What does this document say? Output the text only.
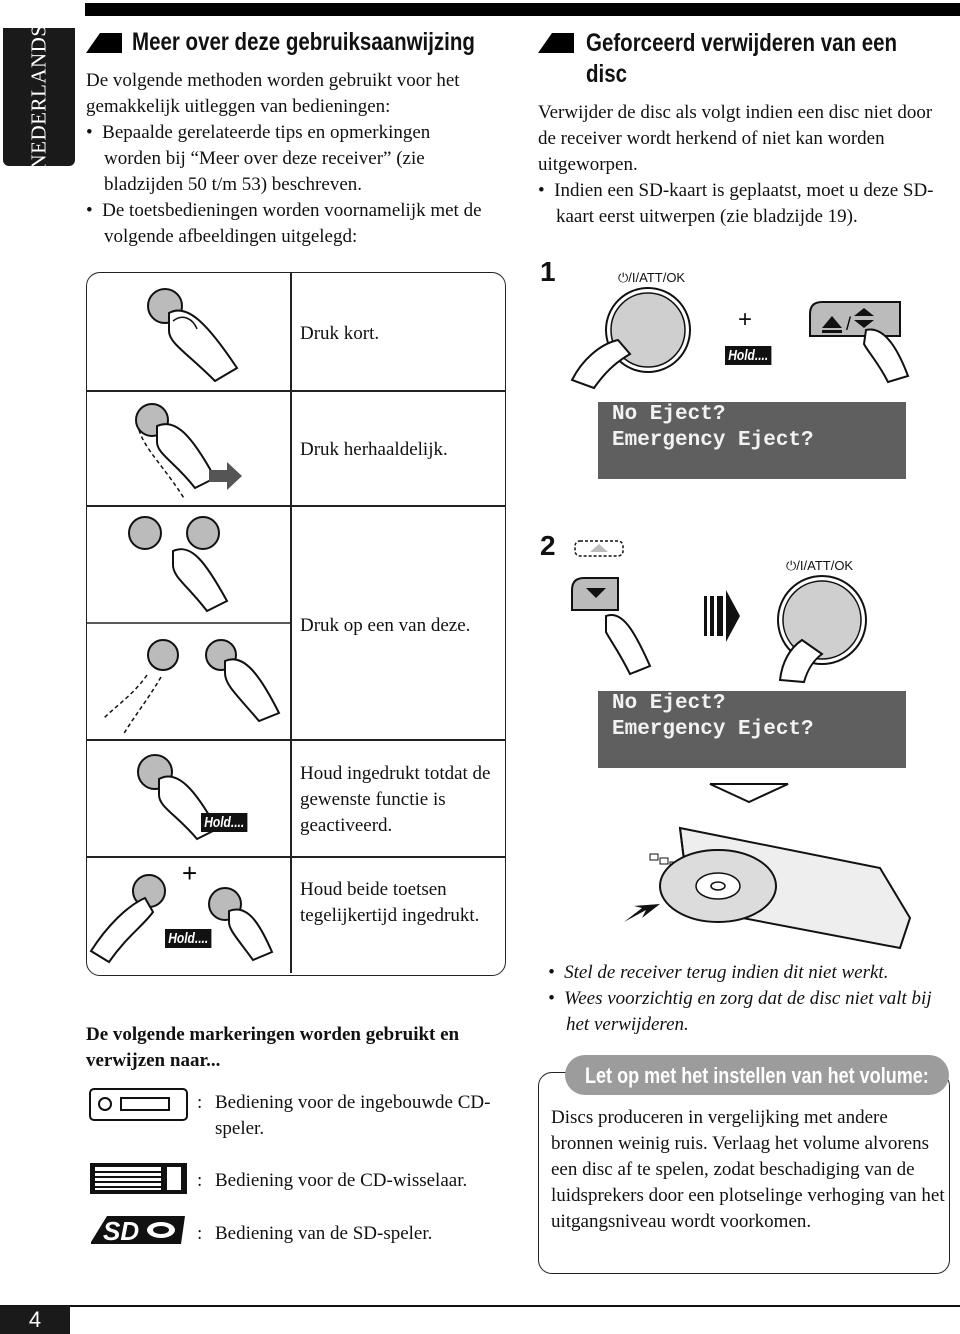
NEDERLANDS	Meer over deze gebruiksaanwijzing
De volgende methoden worden gebruikt voor het gemakkelijk uitleggen van bedieningen:
•  Bepaalde gerelateerde tips en opmerkingen worden bij “Meer over deze receiver” (zie bladzijden 50 t/m 53) beschreven.
•  De toetsbedieningen worden voornamelijk met de volgende afbeeldingen uitgelegd:
Druk kort.
Druk herhaaldelijk.
Druk op een van deze.
Houd ingedrukt totdat de gewenste functie is geactiveerd.
Houd beide toetsen tegelijkertijd ingedrukt.
Hold....
+
Hold....
De volgende markeringen worden gebruikt en verwijzen naar...
: Bediening voor de ingebouwde CD-speler.
: Bediening voor de CD-wisselaar.
SD	: Bediening van de SD-speler.
Geforceerd verwijderen van een disc
Verwijder de disc als volgt indien een disc niet door de receiver wordt herkend of niet kan worden uitgeworpen.
•  Indien een SD-kaart is geplaatst, moet u deze SD-kaart eerst uitwerpen (zie bladzijde 19).
1	⏻/I/ATT/OK
+
Hold....
/
No Eject?
Emergency Eject?
2
⏻/I/ATT/OK
No Eject?
Emergency Eject?
•  Stel de receiver terug indien dit niet werkt.
•  Wees voorzichtig en zorg dat de disc niet valt bij het verwijderen.
Let op met het instellen van het volume:
Discs produceren in vergelijking met andere bronnen weinig ruis. Verlaag het volume alvorens een disc af te spelen, zodat beschadiging van de luidsprekers door een plotselinge verhoging van het uitgangsniveau wordt voorkomen.
4
